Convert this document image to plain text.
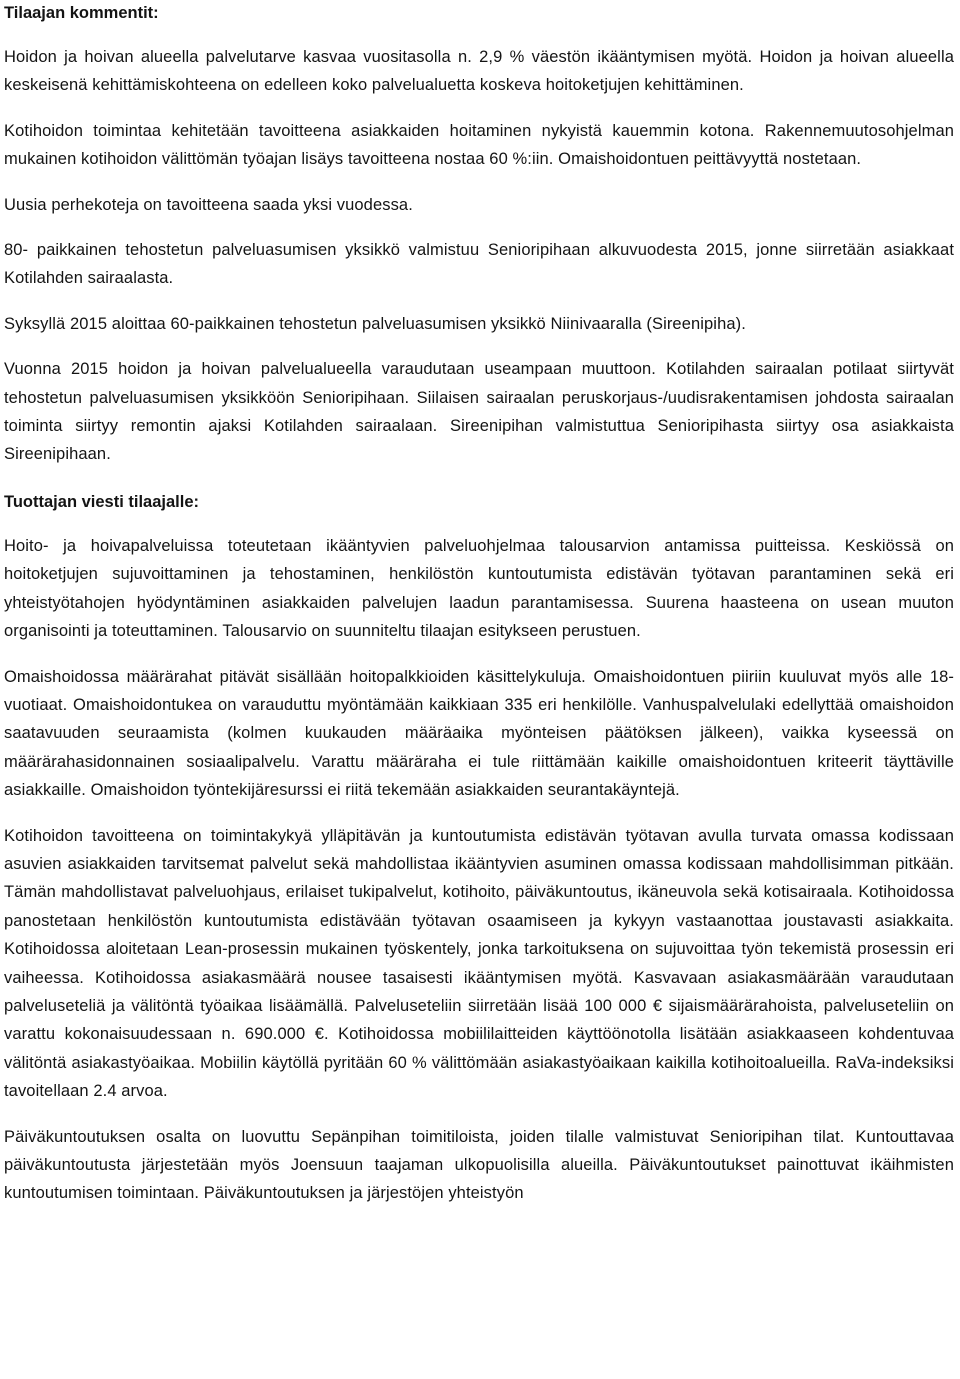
Tilaajan kommentit:

Hoidon ja hoivan alueella palvelutarve kasvaa vuositasolla n. 2,9 % väestön ikääntymisen myötä. Hoidon ja hoivan alueella keskeisenä kehittämiskohteena on edelleen koko palvelualuetta koskeva hoitoketjujen kehittäminen.

Kotihoidon toimintaa kehitetään tavoitteena asiakkaiden hoitaminen nykyistä kauemmin kotona. Rakennemuutosohjelman mukainen kotihoidon välittömän työajan lisäys tavoitteena nostaa 60 %:iin. Omaishoidontuen peittävyyttä nostetaan.

Uusia perhekoteja on tavoitteena saada yksi vuodessa.

80- paikkainen tehostetun palveluasumisen yksikkö valmistuu Senioripihaan alkuvuodesta 2015, jonne siirretään asiakkaat Kotilahden sairaalasta.

Syksyllä 2015 aloittaa 60-paikkainen tehostetun palveluasumisen yksikkö Niinivaaralla (Sireenipiha).

Vuonna 2015 hoidon ja hoivan palvelualueella varaudutaan useampaan muuttoon. Kotilahden sairaalan potilaat siirtyvät tehostetun palveluasumisen yksikköön Senioripihaan. Siilaisen sairaalan peruskorjaus-/uudisrakentamisen johdosta sairaalan toiminta siirtyy remontin ajaksi Kotilahden sairaalaan. Sireenipihan valmistuttua Senioripihasta siirtyy osa asiakkaista Sireenipihaan.

Tuottajan viesti tilaajalle:

Hoito- ja hoivapalveluissa toteutetaan ikääntyvien palveluohjelmaa talousarvion antamissa puitteissa. Keskiössä on hoitoketjujen sujuvoittaminen ja tehostaminen, henkilöstön kuntoutumista edistävän työtavan parantaminen sekä eri yhteistyötahojen hyödyntäminen asiakkaiden palvelujen laadun parantamisessa. Suurena haasteena on usean muuton organisointi ja toteuttaminen. Talousarvio on suunniteltu tilaajan esitykseen perustuen.

Omaishoidossa määrärahat pitävät sisällään hoitopalkkioiden käsittelykuluja. Omaishoidontuen piiriin kuuluvat myös alle 18-vuotiaat. Omaishoidontukea on varauduttu myöntämään kaikkiaan 335 eri henkilölle. Vanhuspalvelulaki edellyttää omaishoidon saatavuuden seuraamista (kolmen kuukauden määräaika myönteisen päätöksen jälkeen), vaikka kyseessä on määrärahasidonnainen sosiaalipalvelu. Varattu määräraha ei tule riittämään kaikille omaishoidontuen kriteerit täyttäville asiakkaille. Omaishoidon työntekijäresurssi ei riitä tekemään asiakkaiden seurantakäyntejä.

Kotihoidon tavoitteena on toimintakykyä ylläpitävän ja kuntoutumista edistävän työtavan avulla turvata omassa kodissaan asuvien asiakkaiden tarvitsemat palvelut sekä mahdollistaa ikääntyvien asuminen omassa kodissaan mahdollisimman pitkään. Tämän mahdollistavat palveluohjaus, erilaiset tukipalvelut, kotihoito, päiväkuntoutus, ikäneuvola sekä kotisairaala. Kotihoidossa panostetaan henkilöstön kuntoutumista edistävään työtavan osaamiseen ja kykyyn vastaanottaa joustavasti asiakkaita. Kotihoidossa aloitetaan Lean-prosessin mukainen työskentely, jonka tarkoituksena on sujuvoittaa työn tekemistä prosessin eri vaiheessa. Kotihoidossa asiakasmäärä nousee tasaisesti ikääntymisen myötä. Kasvavaan asiakasmäärään varaudutaan palveluseteliä ja välitöntä työaikaa lisäämällä. Palveluseteliin siirretään lisää 100 000 € sijaismäärärahoista, palveluseteliin on varattu kokonaisuudessaan n. 690.000 €. Kotihoidossa mobiililaitteiden käyttöönotolla lisätään asiakkaaseen kohdentuvaa välitöntä asiakastyöaikaa. Mobiilin käytöllä pyritään 60 % välittömään asiakastyöaikaan kaikilla kotihoitoalueilla. RaVa-indeksiksi tavoitellaan 2.4 arvoa.

Päiväkuntoutuksen osalta on luovuttu Sepänpihan toimitiloista, joiden tilalle valmistuvat Senioripihan tilat. Kuntouttavaa päiväkuntoutusta järjestetään myös Joensuun taajaman ulkopuolisilla alueilla. Päiväkuntoutukset painottuvat ikäihmisten kuntoutumisen toimintaan. Päiväkuntoutuksen ja järjestöjen yhteistyön
